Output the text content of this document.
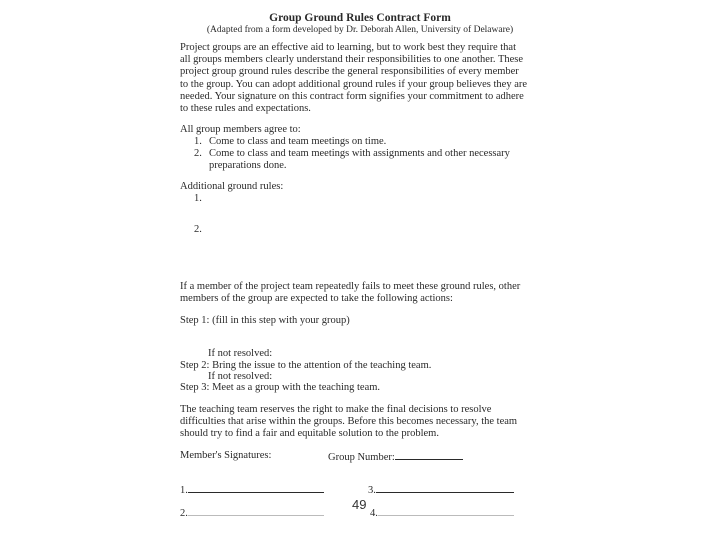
Group Ground Rules Contract Form
(Adapted from a form developed by Dr. Deborah Allen, University of Delaware)
Project groups are an effective aid to learning, but to work best they require that all groups members clearly understand their responsibilities to one another. These project group ground rules describe the general responsibilities of every member to the group. You can adopt additional ground rules if your group believes they are needed. Your signature on this contract form signifies your commitment to adhere to these rules and expectations.
All group members agree to:
1. Come to class and team meetings on time.
2. Come to class and team meetings with assignments and other necessary
preparations done.
Additional ground rules:
1.
2.
If a member of the project team repeatedly fails to meet these ground rules, other members of the group are expected to take the following actions:
Step 1: (fill in this step with your group)
If not resolved:
Step 2: Bring the issue to the attention of the teaching team.
If not resolved:
Step 3: Meet as a group with the teaching team.
The teaching team reserves the right to make the final decisions to resolve difficulties that arise within the groups. Before this becomes necessary, the team should try to find a fair and equitable solution to the problem.
Member's Signatures:	Group Number:
1.	3.
2.	4.
49
